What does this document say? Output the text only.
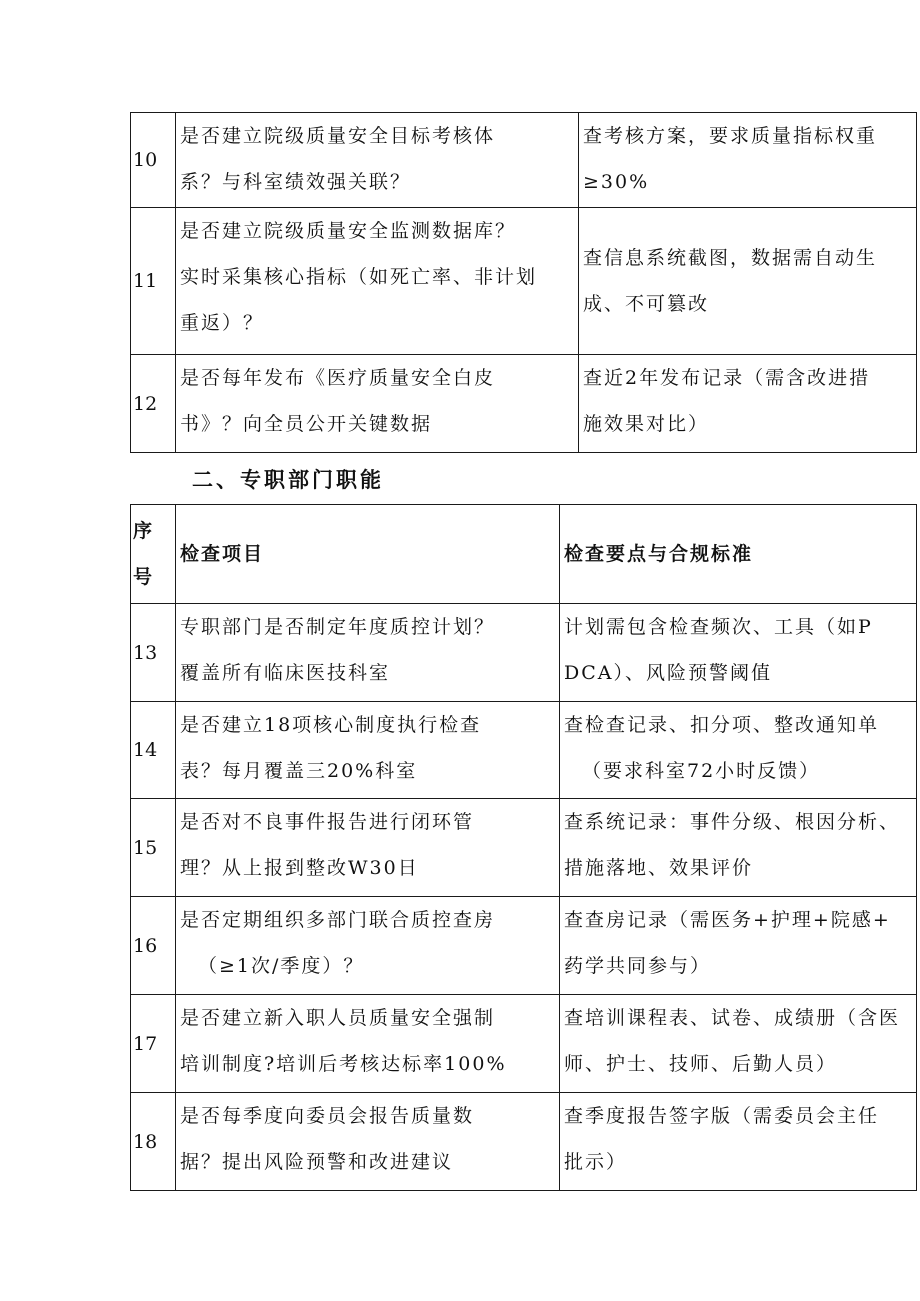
10	是否建立院级质量安全目标考核体
系？与科室绩效强关联？	查考核方案，要求质量指标权重
≥30%

11	是否建立院级质量安全监测数据库？
实时采集核心指标（如死亡率、非计划
重返）？	查信息系统截图，数据需自动生
成、不可篡改

12	是否每年发布《医疗质量安全白皮
书》？向全员公开关键数据	查近2年发布记录（需含改进措
施效果对比）
二、专职部门职能
序
号	检查项目	检查要点与合规标准
13	专职部门是否制定年度质控计划？
覆盖所有临床医技科室	计划需包含检查频次、工具（如P
DCA）、风险预警阈值

14	是否建立18项核心制度执行检查
表？每月覆盖三20%科室	查检查记录、扣分项、整改通知单
（要求科室72小时反馈）

15	是否对不良事件报告进行闭环管
理？从上报到整改W30日	查系统记录：事件分级、根因分析、
措施落地、效果评价

16	是否定期组织多部门联合质控查房
（≥1次/季度）？	查查房记录（需医务+护理+院感+
药学共同参与）

17	是否建立新入职人员质量安全强制
培训制度?培训后考核达标率100%	查培训课程表、试卷、成绩册（含医
师、护士、技师、后勤人员）

18	是否每季度向委员会报告质量数
据？提出风险预警和改进建议	查季度报告签字版（需委员会主任
批示）
